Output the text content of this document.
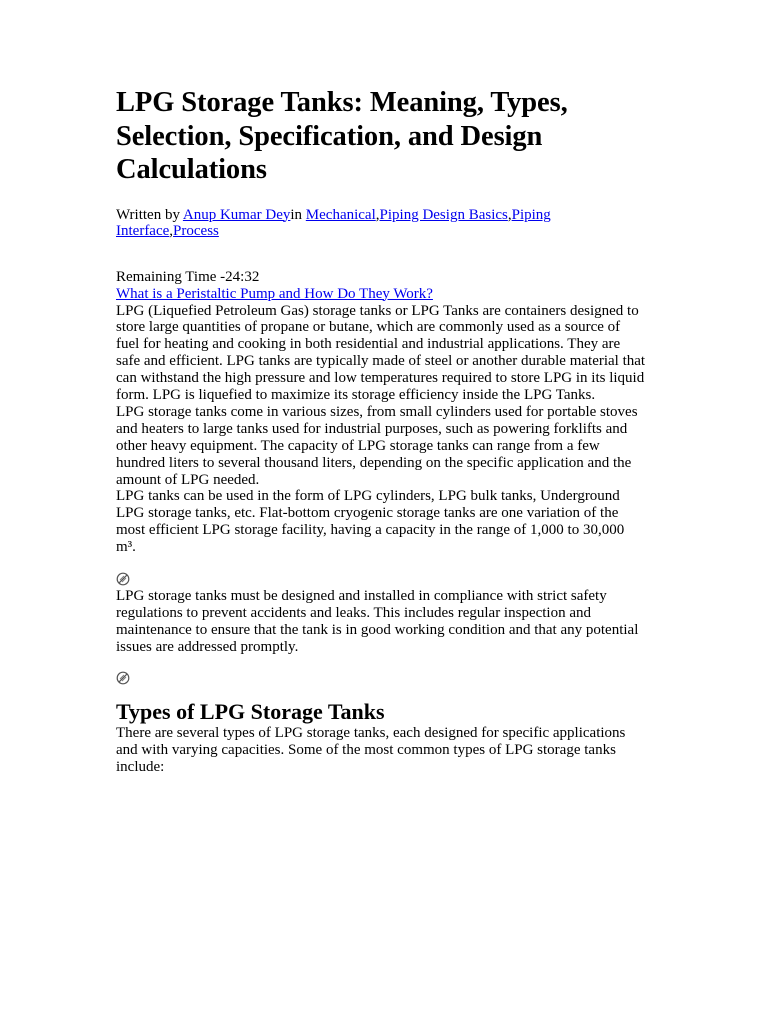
LPG Storage Tanks: Meaning, Types, Selection, Specification, and Design Calculations
Written by Anup Kumar Deyin Mechanical,Piping Design Basics,Piping Interface,Process
Remaining Time -24:32
What is a Peristaltic Pump and How Do They Work?

LPG (Liquefied Petroleum Gas) storage tanks or LPG Tanks are containers designed to store large quantities of propane or butane, which are commonly used as a source of fuel for heating and cooking in both residential and industrial applications. They are safe and efficient. LPG tanks are typically made of steel or another durable material that can withstand the high pressure and low temperatures required to store LPG in its liquid form. LPG is liquefied to maximize its storage efficiency inside the LPG Tanks.

LPG storage tanks come in various sizes, from small cylinders used for portable stoves and heaters to large tanks used for industrial purposes, such as powering forklifts and other heavy equipment. The capacity of LPG storage tanks can range from a few hundred liters to several thousand liters, depending on the specific application and the amount of LPG needed.

LPG tanks can be used in the form of LPG cylinders, LPG bulk tanks, Underground LPG storage tanks, etc. Flat-bottom cryogenic storage tanks are one variation of the most efficient LPG storage facility, having a capacity in the range of 1,000 to 30,000 m³.

LPG storage tanks must be designed and installed in compliance with strict safety regulations to prevent accidents and leaks. This includes regular inspection and maintenance to ensure that the tank is in good working condition and that any potential issues are addressed promptly.

Types of LPG Storage Tanks

There are several types of LPG storage tanks, each designed for specific applications and with varying capacities. Some of the most common types of LPG storage tanks include:
